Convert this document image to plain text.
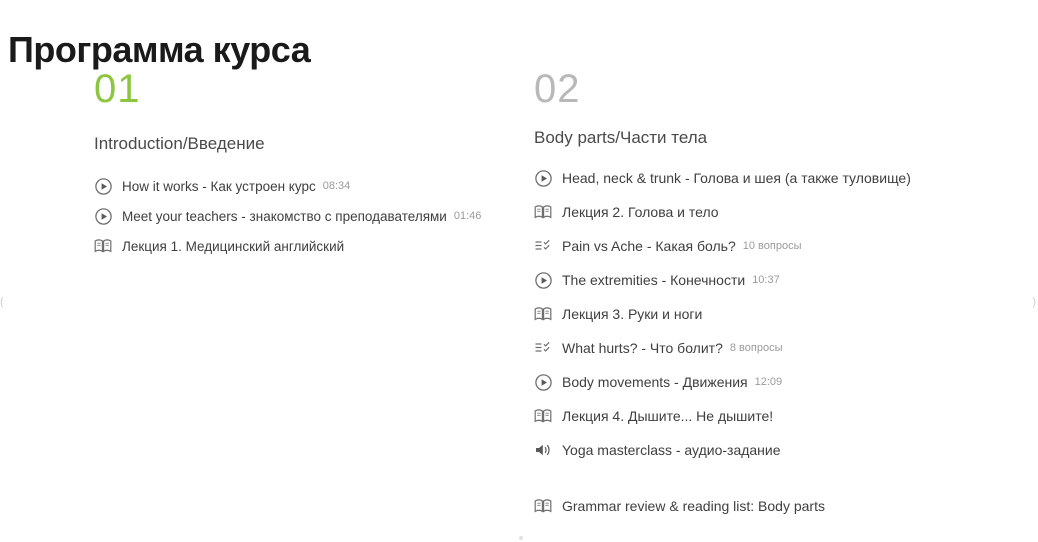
Программа курса
(	)
01
Introduction/Введение
How it works - Как устроен курс 08:34
Meet your teachers - знакомство с преподавателями 01:46
Лекция 1. Медицинский английский
02
Body parts/Части тела
Head, neck & trunk - Голова и шея (а также туловище)
Лекция 2. Голова и тело
Pain vs Ache - Какая боль? 10 вопросы
The extremities - Конечности 10:37
Лекция 3. Руки и ноги
What hurts? - Что болит? 8 вопросы
Body movements - Движения 12:09
Лекция 4. Дышите... Не дышите!
Yoga masterclass - аудио-задание
Grammar review & reading list: Body parts
